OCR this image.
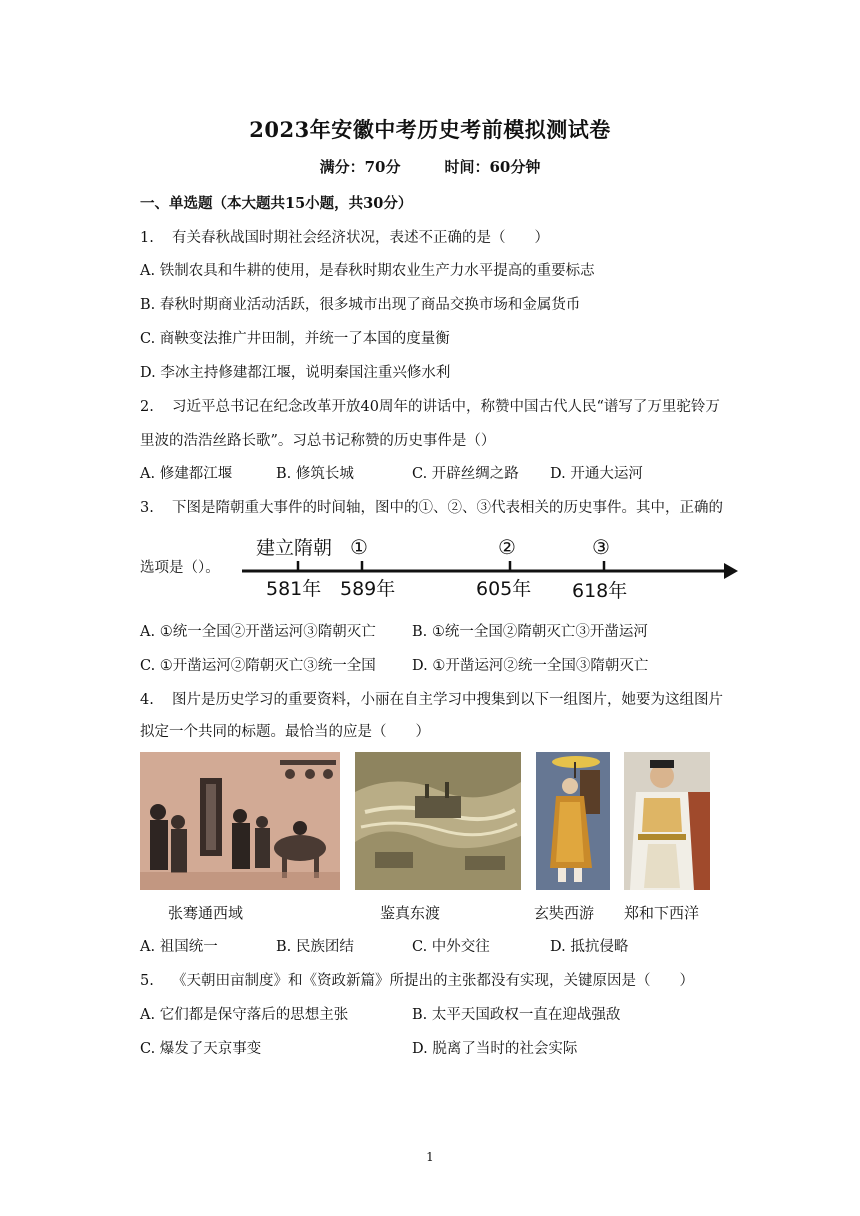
2023年安徽中考历史考前模拟测试卷
满分：70分	时间：60分钟
一、单选题（本大题共15小题，共30分）
1. 有关春秋战国时期社会经济状况，表述不正确的是（　　）
A. 铁制农具和牛耕的使用，是春秋时期农业生产力水平提高的重要标志
B. 春秋时期商业活动活跃，很多城市出现了商品交换市场和金属货币
C. 商鞅变法推广井田制，并统一了本国的度量衡
D. 李冰主持修建都江堰，说明秦国注重兴修水利
2. 习近平总书记在纪念改革开放40周年的讲话中，称赞中国古代人民“谱写了万里驼铃万
里波的浩浩丝路长歌”。习总书记称赞的历史事件是（）
A. 修建都江堰	B. 修筑长城	C. 开辟丝绸之路 D. 开通大运河
3. 下图是隋朝重大事件的时间轴，图中的①、②、③代表相关的历史事件。其中，正确的
选项是（）。
建立隋朝 ①	②	③
581年 589年	605年 618年
A. ①统一全国②开凿运河③隋朝灭亡	B. ①统一全国②隋朝灭亡③开凿运河
C. ①开凿运河②隋朝灭亡③统一全国 D. ①开凿运河②统一全国③隋朝灭亡
4. 图片是历史学习的重要资料，小丽在自主学习中搜集到以下一组图片，她要为这组图片
拟定一个共同的标题。最恰当的应是（　　）
张骞通西域	鉴真东渡	玄奘西游 郑和下西洋
A. 祖国统一	B. 民族团结	C. 中外交往	D. 抵抗侵略
5. 《天朝田亩制度》和《资政新篇》所提出的主张都没有实现，关键原因是（　　）
A. 它们都是保守落后的思想主张	B. 太平天国政权一直在迎战强敌
C. 爆发了天京事变	D. 脱离了当时的社会实际
1
